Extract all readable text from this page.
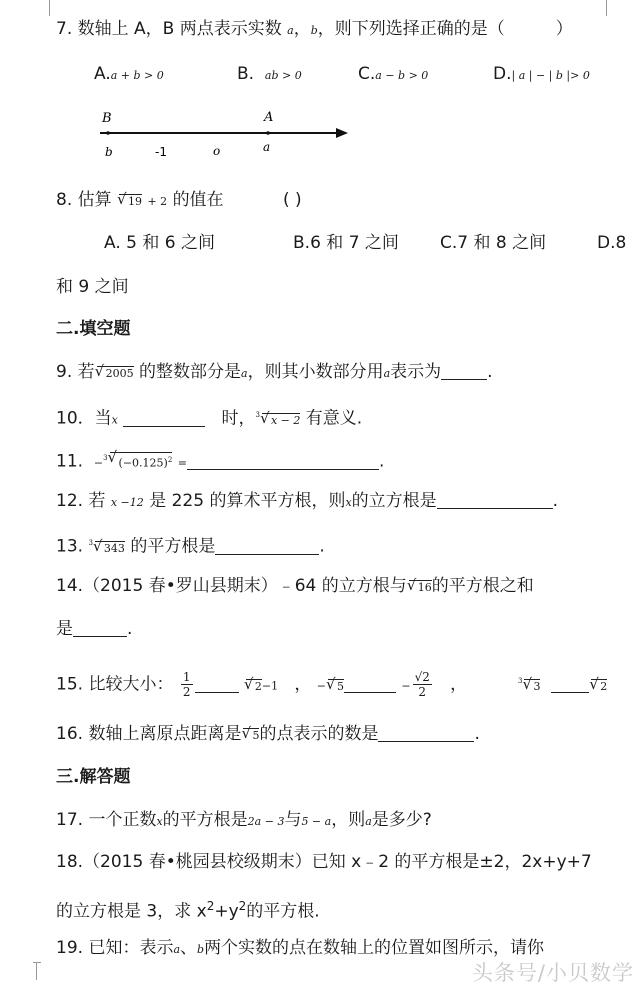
7. 数轴上 A，B 两点表示实数 a，b，则下列选择正确的是（　　　）
A.a + b > 0	B. ab > 0	C.a − b > 0	D.| a | − | b |> 0
B	A
b	-1	o	a
8. 估算 √ 19 + 2 的值在	( )
A. 5 和 6 之间	B.6 和 7 之间 C.7 和 8 之间	D.8
和 9 之间
二.填空题
9. 若 √ 2005 的整数部分是a，则其小数部分用a表示为	.
10．当x	时，$^3$ √ x − 2 有意义.
11. −$^3$ √ $(-0.125)^2$ =	.
12. 若 x −12 是 225 的算术平方根，则x的立方根是	.
13. $^3$ √ 343 的平方根是	.
14.（2015 春•罗山县期末）﹣64 的立方根与 √ 16的平方根之和
是	.
15. 比较大小： $\frac{1}{2}$	√ 2−1 ， − √ 5	− $\frac{√2}{2}$ ，	$^3$ √ 3	√ 2
16. 数轴上离原点距离是 √ 5的点表示的数是	.
三.解答题
17. 一个正数x的平方根是2a − 3与5 − a，则a是多少?
18.（2015 春•桃园县校级期末）已知 x﹣2 的平方根是±2，2x+y+7
的立方根是 3，求 $x^2+y^2$的平方根.
19. 已知：表示a、b两个实数的点在数轴上的位置如图所示，请你
头条号/小贝数学
